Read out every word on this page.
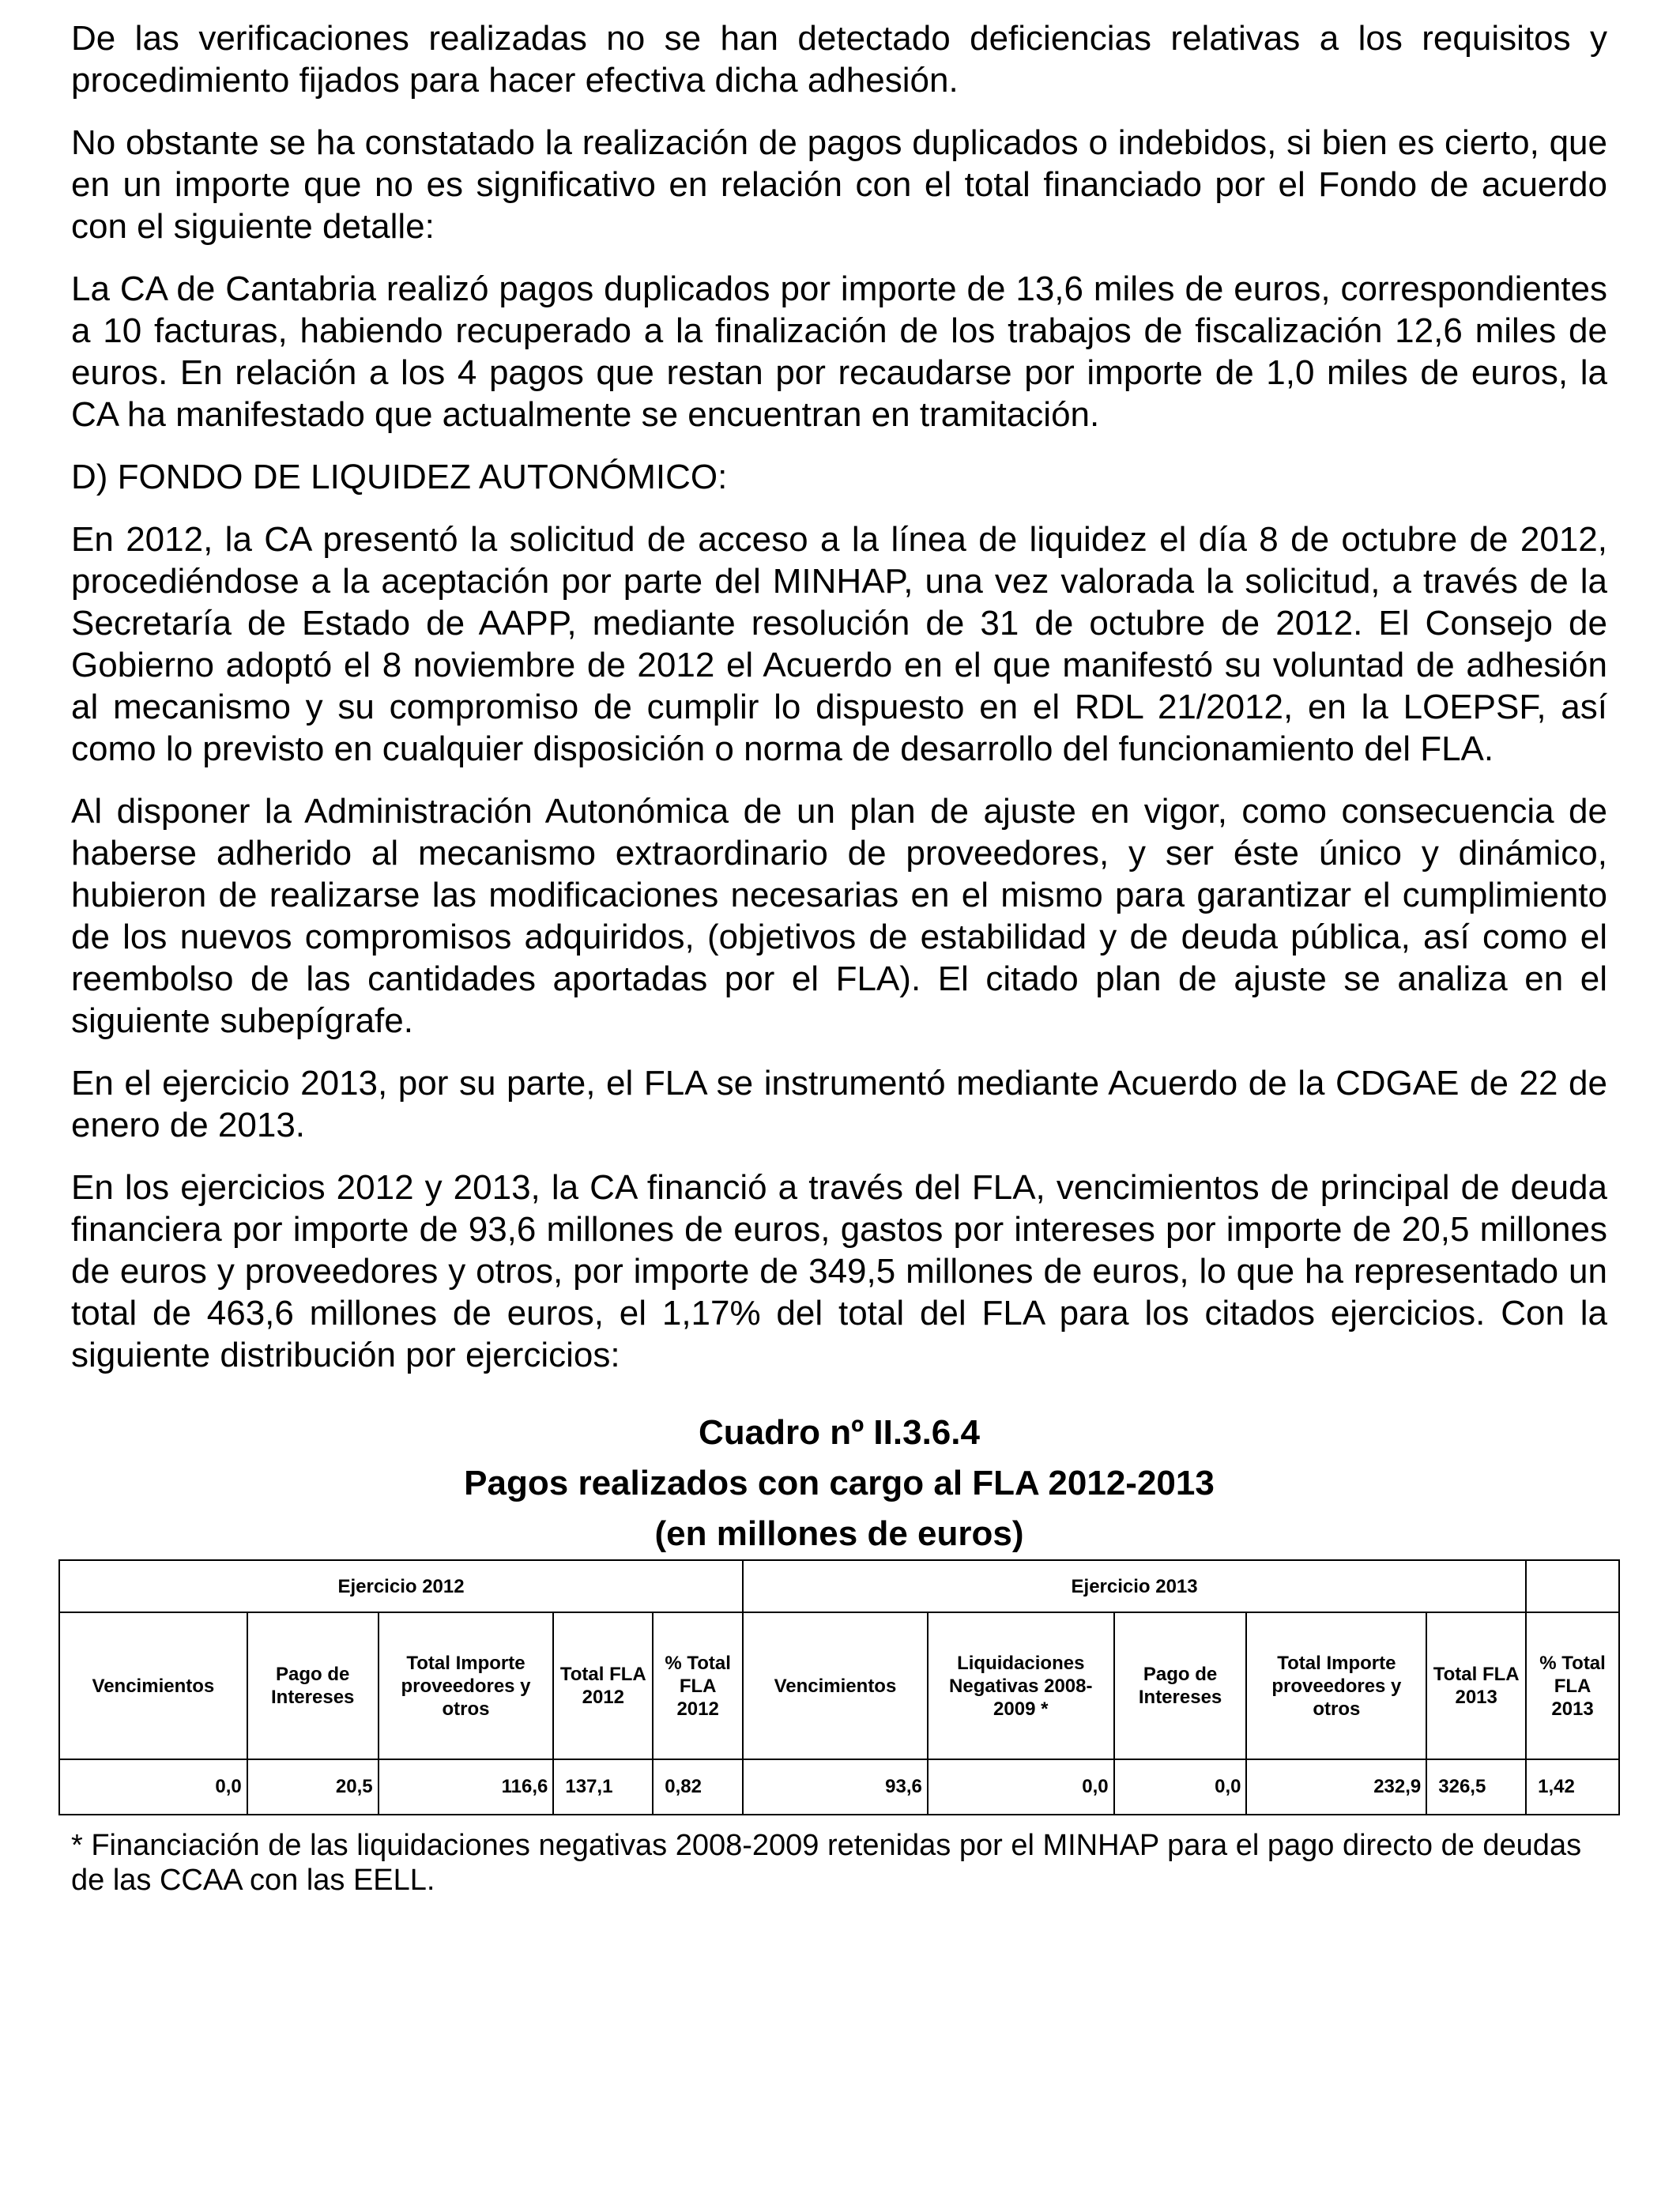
De las verificaciones realizadas no se han detectado deficiencias relativas a los requisitos y procedimiento fijados para hacer efectiva dicha adhesión.

No obstante se ha constatado la realización de pagos duplicados o indebidos, si bien es cierto, que en un importe que no es significativo en relación con el total financiado por el Fondo de acuerdo con el siguiente detalle:

La CA de Cantabria realizó pagos duplicados por importe de 13,6 miles de euros, correspondientes a 10 facturas, habiendo recuperado a la finalización de los trabajos de fiscalización 12,6 miles de euros. En relación a los 4 pagos que restan por recaudarse por importe de 1,0 miles de euros, la CA ha manifestado que actualmente se encuentran en tramitación.

D) FONDO DE LIQUIDEZ AUTONÓMICO:

En 2012, la CA presentó la solicitud de acceso a la línea de liquidez el día 8 de octubre de 2012, procediéndose a la aceptación por parte del MINHAP, una vez valorada la solicitud, a través de la Secretaría de Estado de AAPP, mediante resolución de 31 de octubre de 2012. El Consejo de Gobierno adoptó el 8 noviembre de 2012 el Acuerdo en el que manifestó su voluntad de adhesión al mecanismo y su compromiso de cumplir lo dispuesto en el RDL 21/2012, en la LOEPSF, así como lo previsto en cualquier disposición o norma de desarrollo del funcionamiento del FLA.

Al disponer la Administración Autonómica de un plan de ajuste en vigor, como consecuencia de haberse adherido al mecanismo extraordinario de proveedores, y ser éste único y dinámico, hubieron de realizarse las modificaciones necesarias en el mismo para garantizar el cumplimiento de los nuevos compromisos adquiridos, (objetivos de estabilidad y de deuda pública, así como el reembolso de las cantidades aportadas por el FLA). El citado plan de ajuste se analiza en el siguiente subepígrafe.

En el ejercicio 2013, por su parte, el FLA se instrumentó mediante Acuerdo de la CDGAE de 22 de enero de 2013.

En los ejercicios 2012 y 2013, la CA financió a través del FLA, vencimientos de principal de deuda financiera por importe de 93,6 millones de euros, gastos por intereses por importe de 20,5 millones de euros y proveedores y otros, por importe de 349,5 millones de euros, lo que ha representado un total de 463,6 millones de euros, el 1,17% del total del FLA para los citados ejercicios. Con la siguiente distribución por ejercicios:

Cuadro nº II.3.6.4
Pagos realizados con cargo al FLA 2012-2013
(en millones de euros)
Ejercicio 2012					Ejercicio 2013					
Vencimientos	Pago de Intereses	Total Importe proveedores y otros	Total FLA 2012	% Total FLA 2012	Vencimientos	Liquidaciones Negativas 2008-2009 *	Pago de Intereses	Total Importe proveedores y otros	Total FLA 2013	% Total FLA 2013
0,0	20,5	116,6	137,1	0,82	93,6	0,0	0,0	232,9	326,5	1,42

* Financiación de las liquidaciones negativas 2008-2009 retenidas por el MINHAP para el pago directo de deudas de las CCAA con las EELL.
